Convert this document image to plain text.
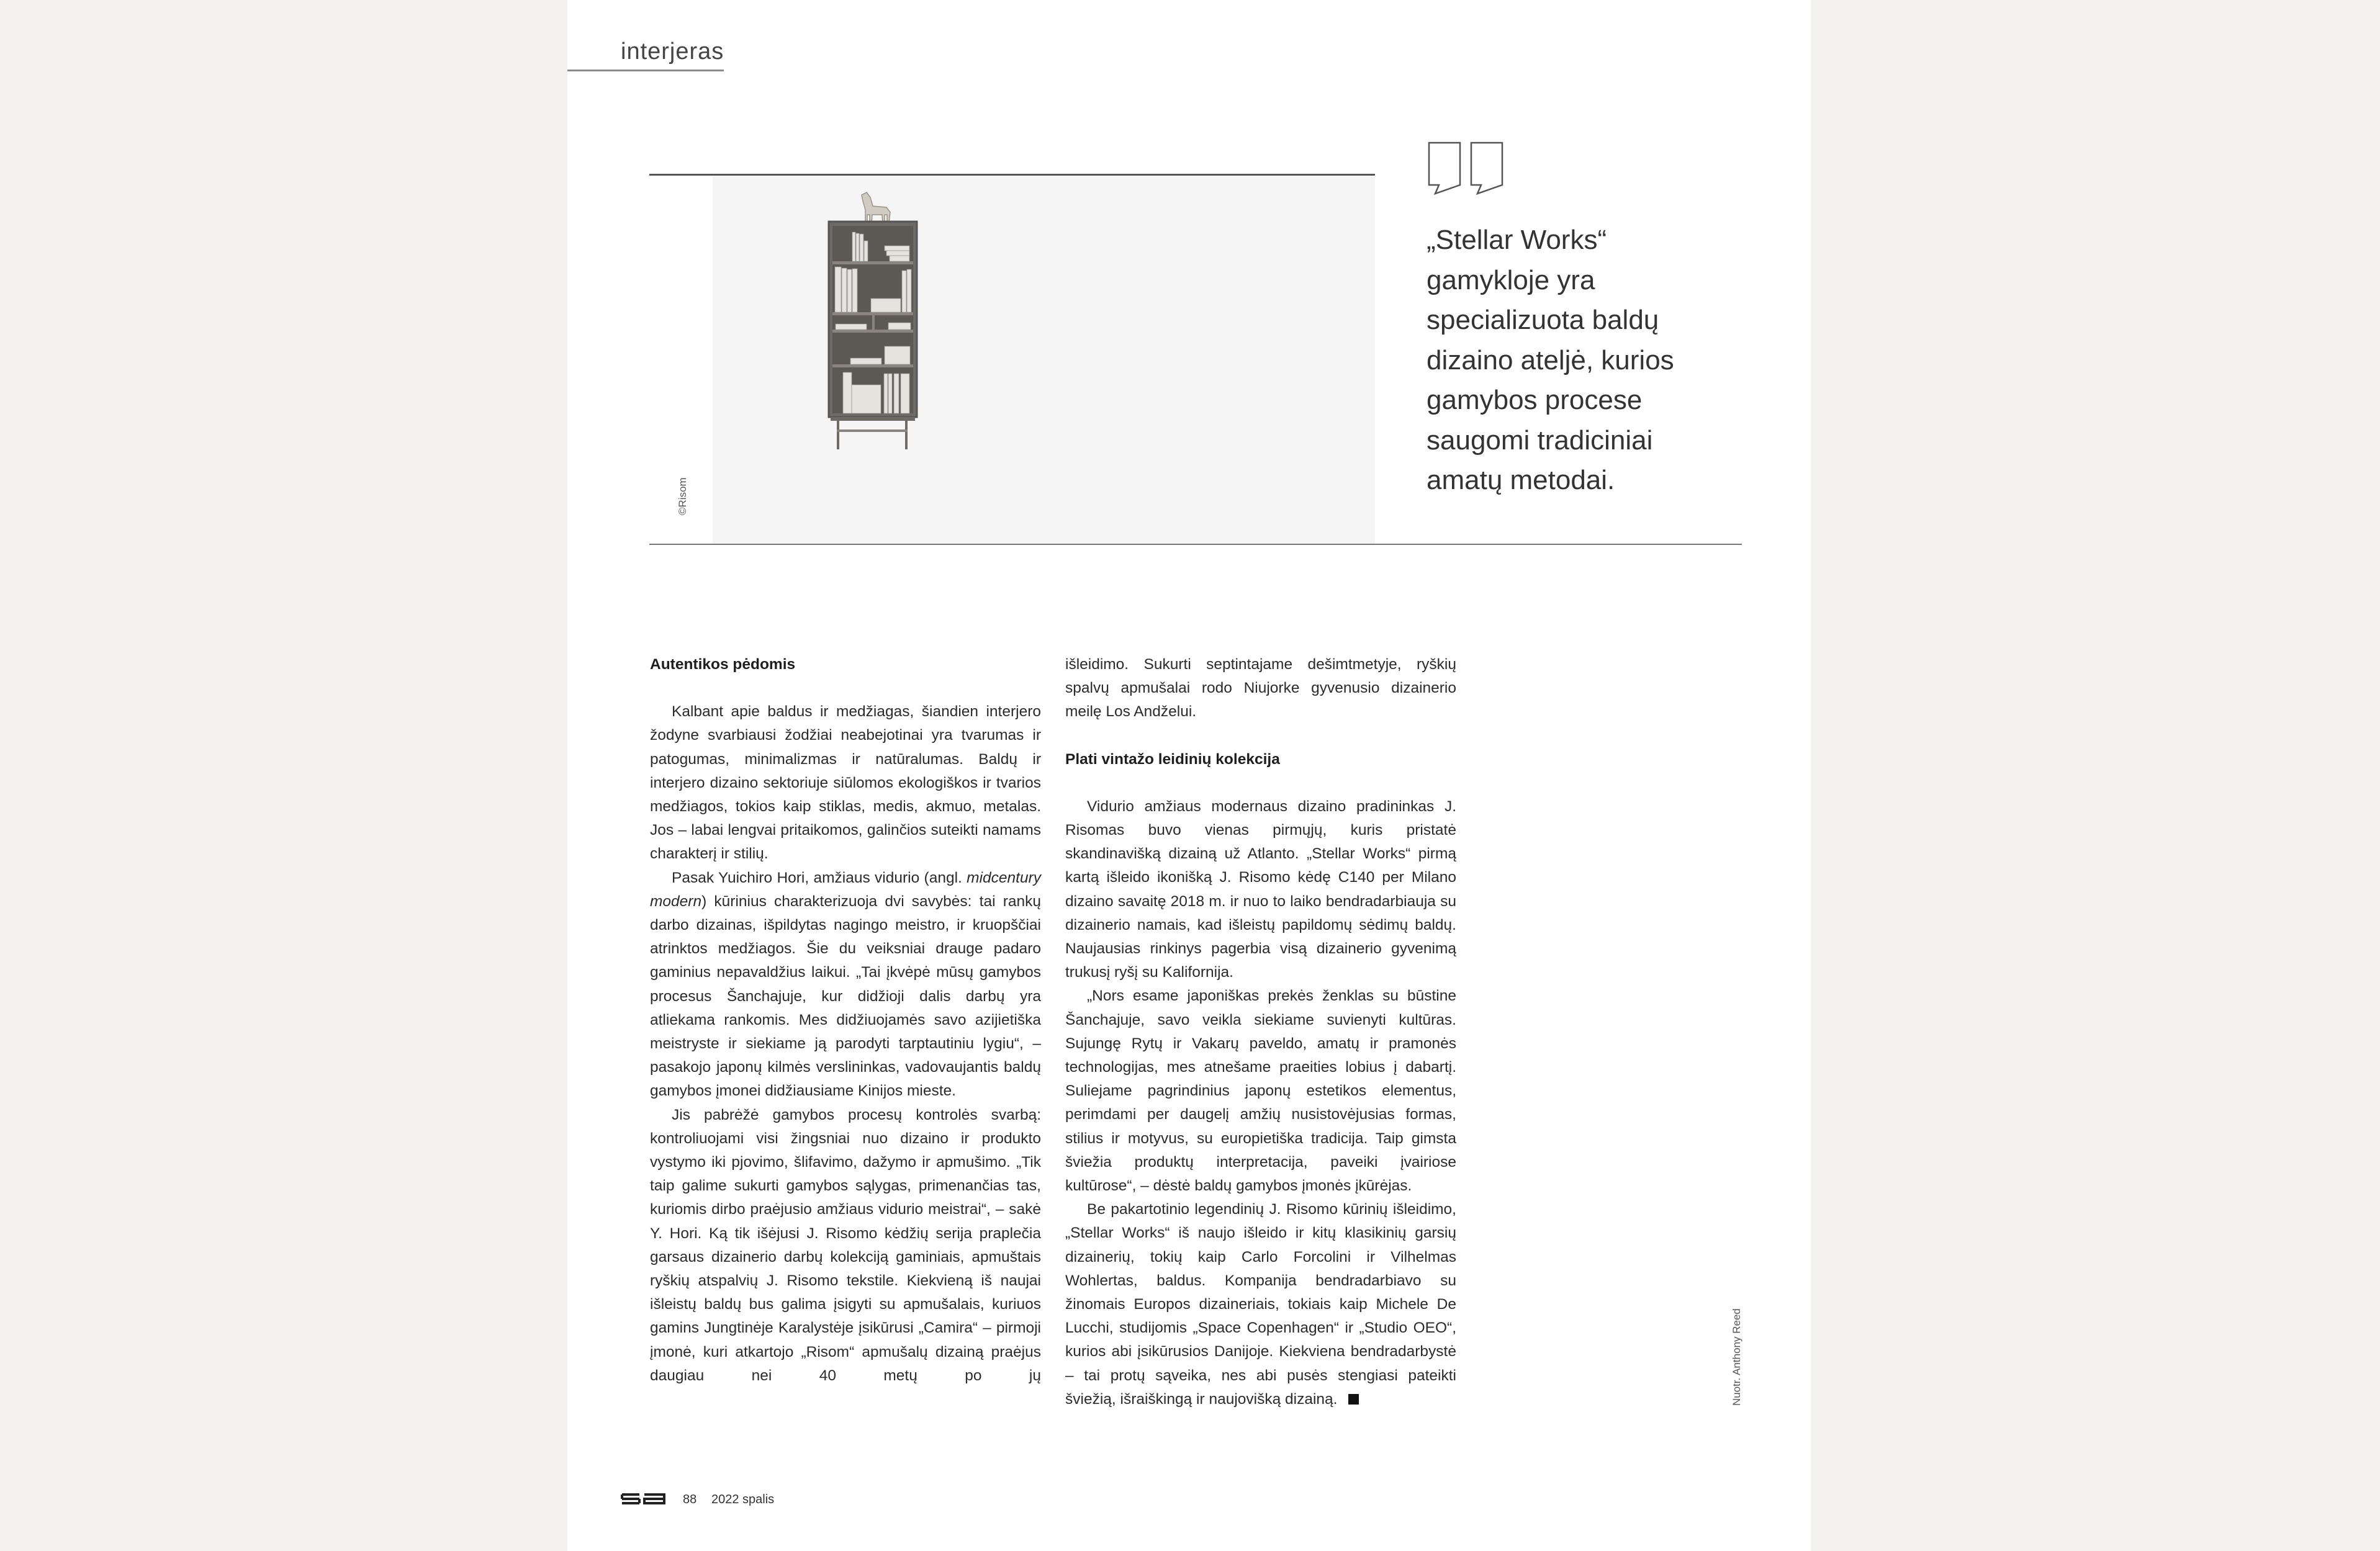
interjeras
©Risom
„Stellar Works“
gamykloje yra
specializuota baldų
dizaino ateljė, kurios
gamybos procese
saugomi tradiciniai
amatų metodai.
Autentikos pėdomis

Kalbant apie baldus ir medžiagas, šiandien interjero žodyne svarbiausi žodžiai neabejotinai yra tvarumas ir patogumas, minimalizmas ir natūralumas. Baldų ir interjero dizaino sektoriuje siūlomos ekologiškos ir tvarios medžiagos, tokios kaip stiklas, medis, akmuo, metalas. Jos – labai lengvai pritaikomos, galinčios suteikti namams charakterį ir stilių.

Pasak Yuichiro Hori, amžiaus vidurio (angl. midcentury modern) kūrinius charakterizuoja dvi savybės: tai rankų darbo dizainas, išpildytas nagingo meistro, ir kruopščiai atrinktos medžiagos. Šie du veiksniai drauge padaro gaminius nepavaldžius laikui. „Tai įkvėpė mūsų gamybos procesus Šanchajuje, kur didžioji dalis darbų yra atliekama rankomis. Mes didžiuojamės savo azijietiška meistryste ir siekiame ją parodyti tarptautiniu lygiu“, – pasakojo japonų kilmės verslininkas, vadovaujantis baldų gamybos įmonei didžiausiame Kinijos mieste.

Jis pabrėžė gamybos procesų kontrolės svarbą: kontroliuojami visi žingsniai nuo dizaino ir produkto vystymo iki pjovimo, šlifavimo, dažymo ir apmušimo. „Tik taip galime sukurti gamybos sąlygas, primenančias tas, kuriomis dirbo praėjusio amžiaus vidurio meistrai“, – sakė Y. Hori. Ką tik išėjusi J. Risomo kėdžių serija praplečia garsaus dizainerio darbų kolekciją gaminiais, apmuštais ryškių atspalvių J. Risomo tekstile. Kiekvieną iš naujai išleistų baldų bus galima įsigyti su apmušalais, kuriuos gamins Jungtinėje Karalystėje įsikūrusi „Camira“ – pirmoji įmonė, kuri atkartojo „Risom“ apmušalų dizainą praėjus daugiau nei 40 metų po jų

išleidimo. Sukurti septintajame dešimtmetyje, ryškių spalvų apmušalai rodo Niujorke gyvenusio dizainerio meilę Los Andželui.

Plati vintažo leidinių kolekcija

Vidurio amžiaus modernaus dizaino pradininkas J. Risomas buvo vienas pirmųjų, kuris pristatė skandinavišką dizainą už Atlanto. „Stellar Works“ pirmą kartą išleido ikonišką J. Risomo kėdę C140 per Milano dizaino savaitę 2018 m. ir nuo to laiko bendradarbiauja su dizainerio namais, kad išleistų papildomų sėdimų baldų. Naujausias rinkinys pagerbia visą dizainerio gyvenimą trukusį ryšį su Kalifornija.

„Nors esame japoniškas prekės ženklas su būstine Šanchajuje, savo veikla siekiame suvienyti kultūras. Sujungę Rytų ir Vakarų paveldo, amatų ir pramonės technologijas, mes atnešame praeities lobius į dabartį. Suliejame pagrindinius japonų estetikos elementus, perimdami per daugelį amžių nusistovėjusias formas, stilius ir motyvus, su europietiška tradicija. Taip gimsta šviežia produktų interpretacija, paveiki įvairiose kultūrose“, – dėstė baldų gamybos įmonės įkūrėjas.

Be pakartotinio legendinių J. Risomo kūrinių išleidimo, „Stellar Works“ iš naujo išleido ir kitų klasikinių garsių dizainerių, tokių kaip Carlo Forcolini ir Vilhelmas Wohlertas, baldus. Kompanija bendradarbiavo su žinomais Europos dizaineriais, tokiais kaip Michele De Lucchi, studijomis „Space Copenhagen“ ir „Studio OEO“, kurios abi įsikūrusios Danijoje. Kiekviena bendradarbystė – tai protų sąveika, nes abi pusės stengiasi pateikti šviežią, išraiškingą ir naujovišką dizainą.	Nuotr. Anthony Reed
88 2022 spalis
